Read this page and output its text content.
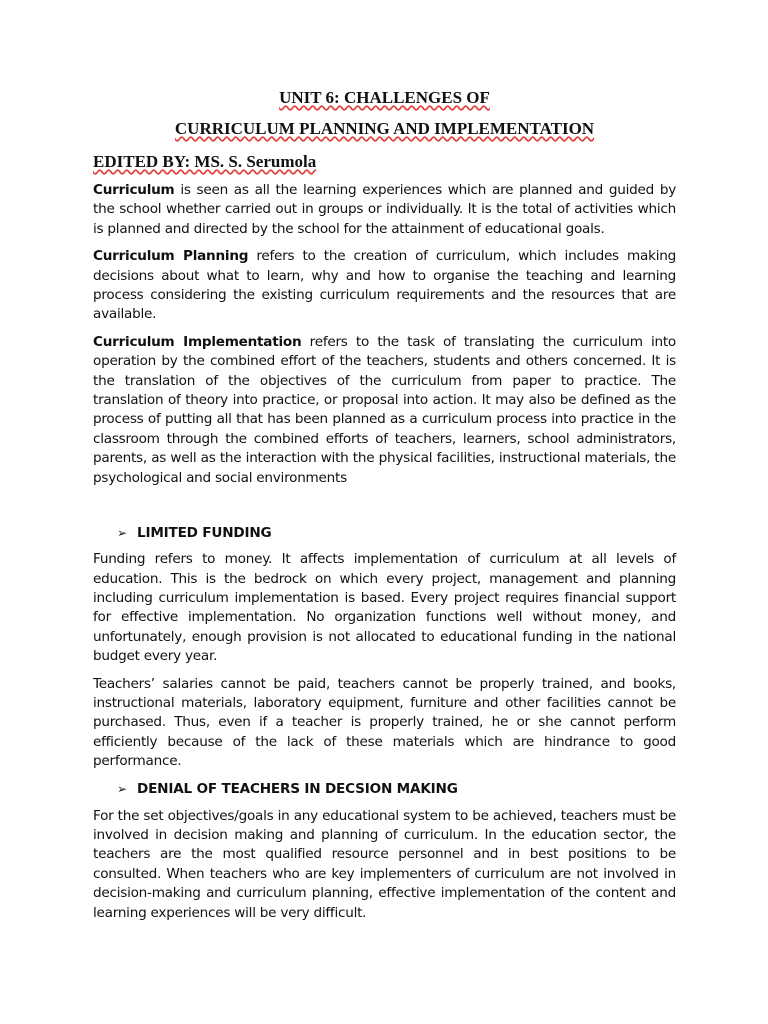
UNIT 6: CHALLENGES OF

CURRICULUM PLANNING AND IMPLEMENTATION

EDITED BY: MS. S. Serumola

Curriculum is seen as all the learning experiences which are planned and guided by the school whether carried out in groups or individually. It is the total of activities which is planned and directed by the school for the attainment of educational goals.

Curriculum Planning refers to the creation of curriculum, which includes making decisions about what to learn, why and how to organise the teaching and learning process considering the existing curriculum requirements and the resources that are available.

Curriculum Implementation refers to the task of translating the curriculum into operation by the combined effort of the teachers, students and others concerned. It is the translation of the objectives of the curriculum from paper to practice. The translation of theory into practice, or proposal into action. It may also be defined as the process of putting all that has been planned as a curriculum process into practice in the classroom through the combined efforts of teachers, learners, school administrators, parents, as well as the interaction with the physical facilities, instructional materials, the psychological and social environments

➢ LIMITED FUNDING

Funding refers to money. It affects implementation of curriculum at all levels of education. This is the bedrock on which every project, management and planning including curriculum implementation is based. Every project requires financial support for effective implementation. No organization functions well without money, and unfortunately, enough provision is not allocated to educational funding in the national budget every year.

Teachers’ salaries cannot be paid, teachers cannot be properly trained, and books, instructional materials, laboratory equipment, furniture and other facilities cannot be purchased. Thus, even if a teacher is properly trained, he or she cannot perform efficiently because of the lack of these materials which are hindrance to good performance.

➢ DENIAL OF TEACHERS IN DECSION MAKING

For the set objectives/goals in any educational system to be achieved, teachers must be involved in decision making and planning of curriculum. In the education sector, the teachers are the most qualified resource personnel and in best positions to be consulted. When teachers who are key implementers of curriculum are not involved in decision-making and curriculum planning, effective implementation of the content and learning experiences will be very difficult.
